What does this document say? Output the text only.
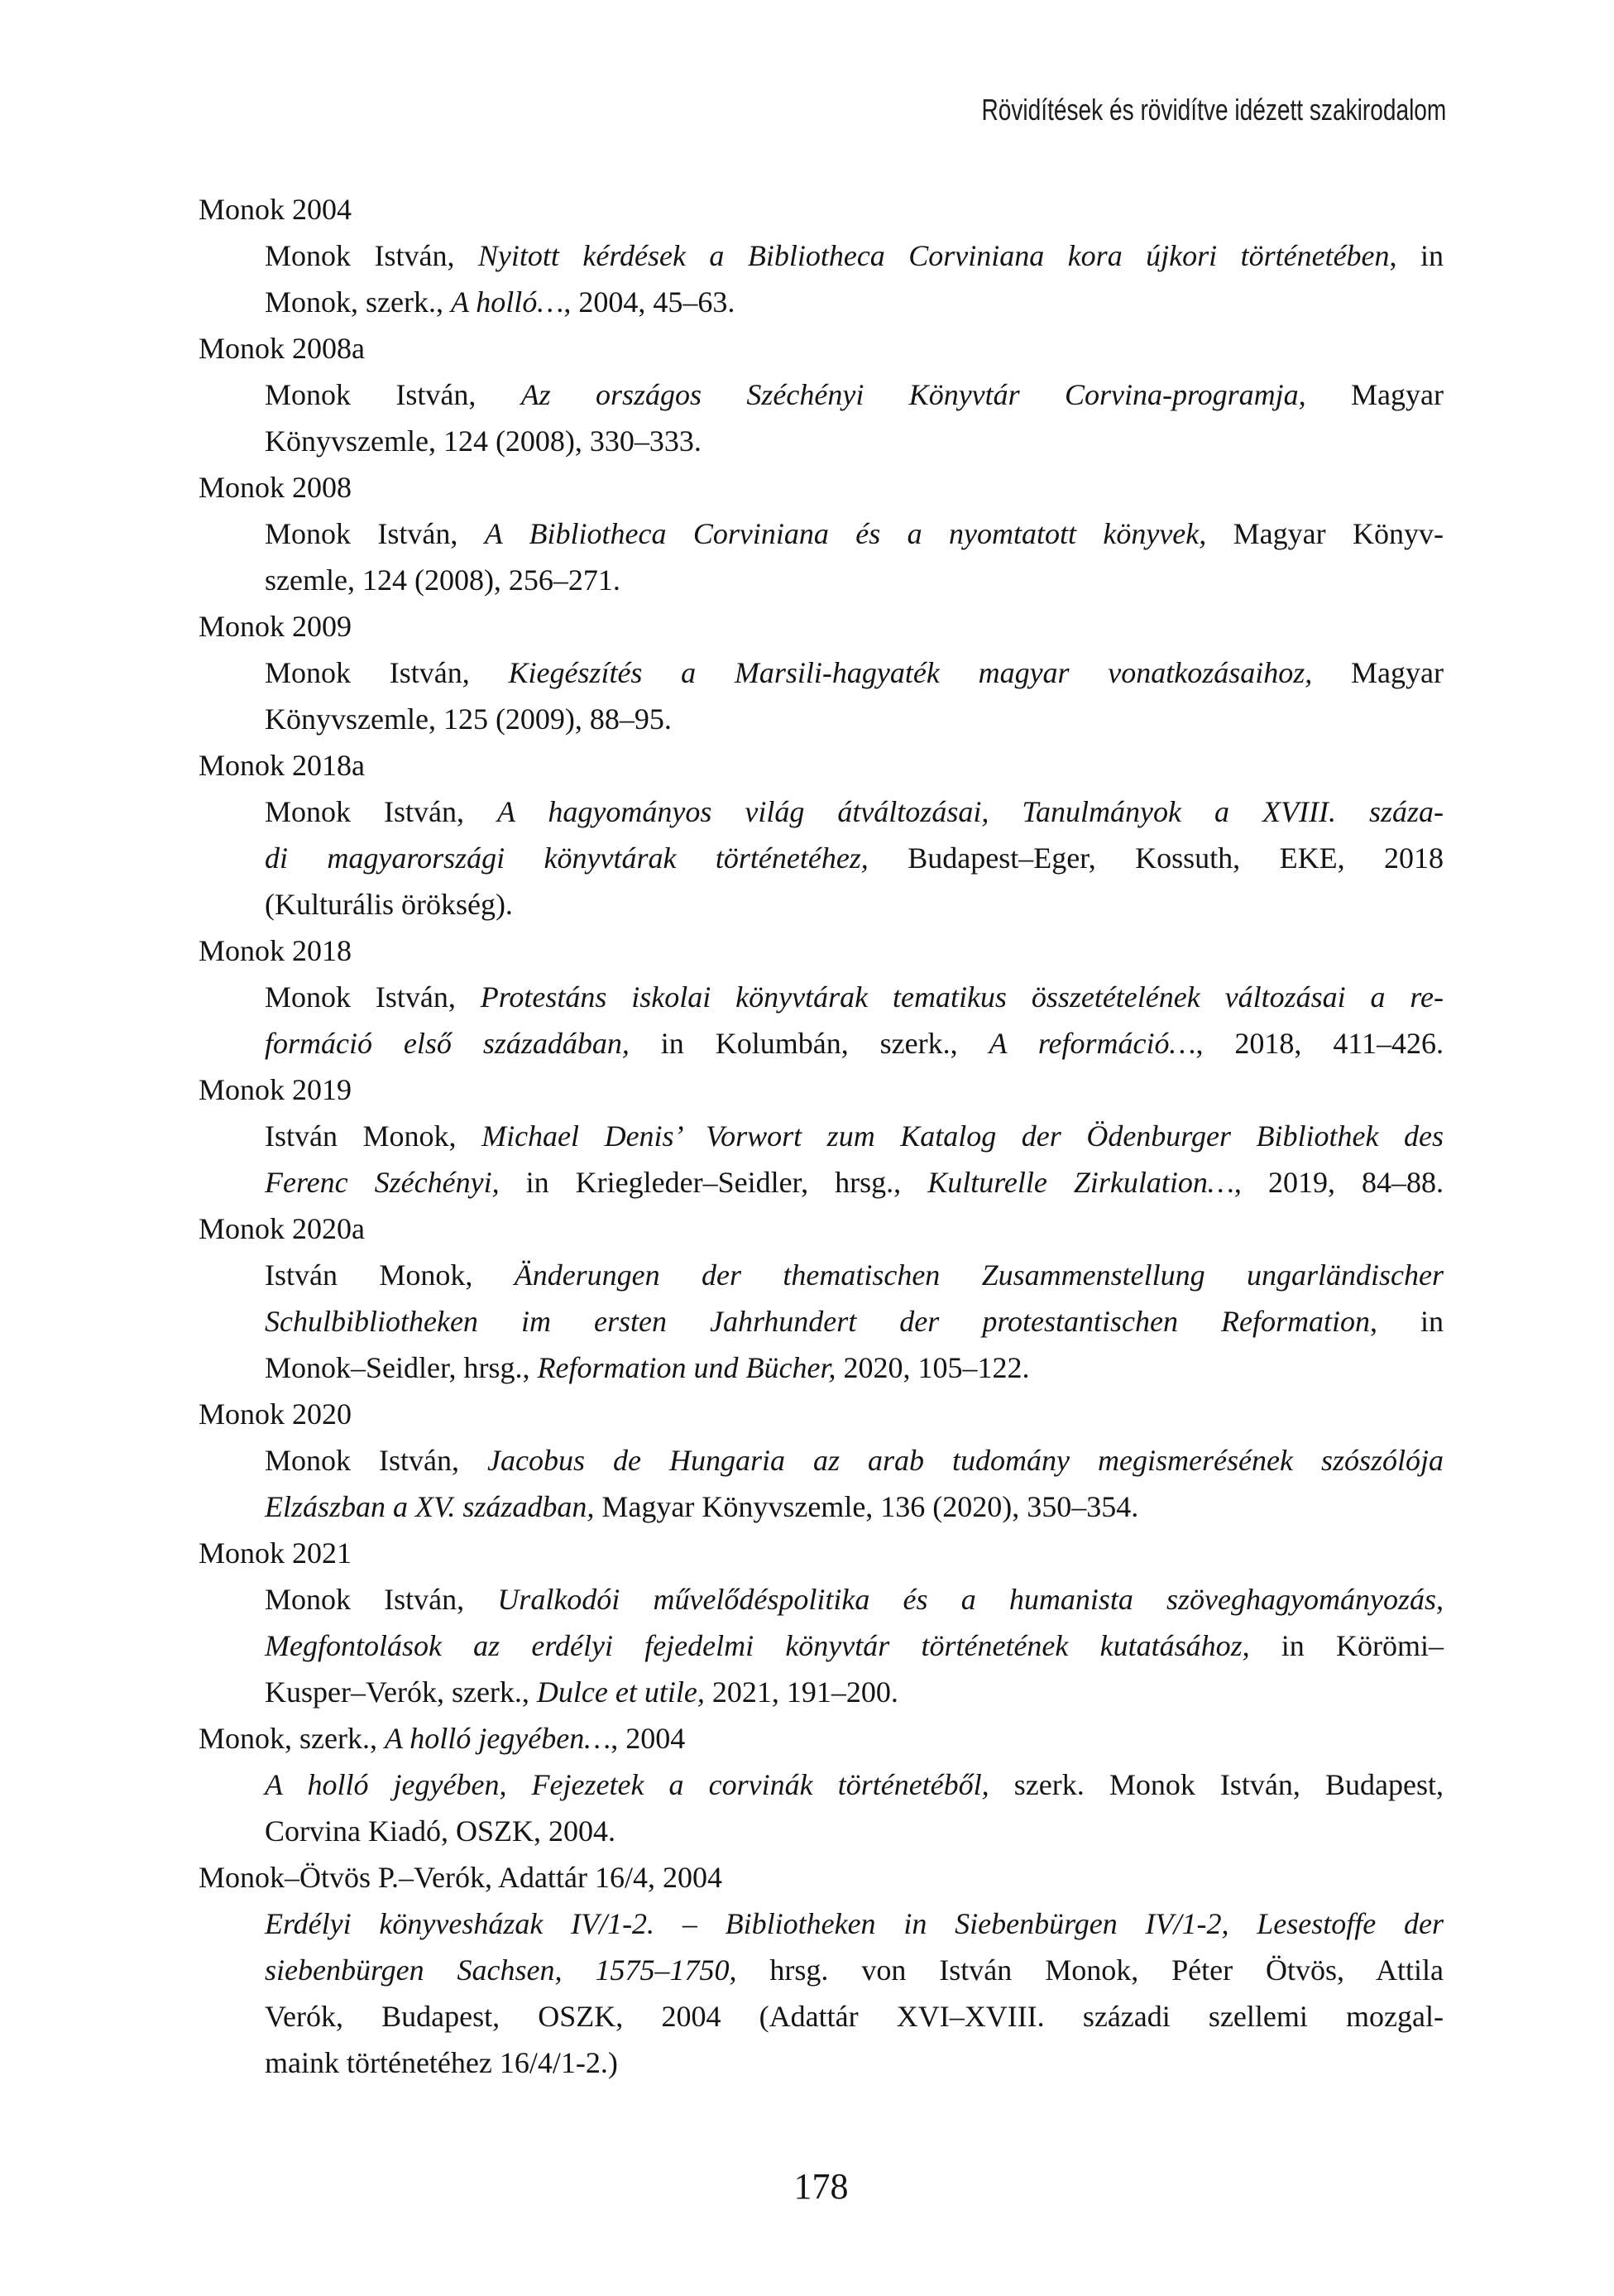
Rövidítések és rövidítve idézett szakirodalom
Monok 2004
Monok István, Nyitott kérdések a Bibliotheca Corviniana kora újkori történetében, in
Monok, szerk., A holló…, 2004, 45–63.
Monok 2008a
Monok István, Az országos Széchényi Könyvtár Corvina-programja, Magyar
Könyvszemle, 124 (2008), 330–333.
Monok 2008
Monok István, A Bibliotheca Corviniana és a nyomtatott könyvek, Magyar Könyv-
szemle, 124 (2008), 256–271.
Monok 2009
Monok István, Kiegészítés a Marsili-hagyaték magyar vonatkozásaihoz, Magyar
Könyvszemle, 125 (2009), 88–95.
Monok 2018a
Monok István, A hagyományos világ átváltozásai, Tanulmányok a XVIII. száza-
di magyarországi könyvtárak történetéhez, Budapest–Eger, Kossuth, EKE, 2018
(Kulturális örökség).
Monok 2018
Monok István, Protestáns iskolai könyvtárak tematikus összetételének változásai a re-
formáció első századában, in Kolumbán, szerk., A reformáció…, 2018, 411–426.
Monok 2019
István Monok, Michael Denis’ Vorwort zum Katalog der Ödenburger Bibliothek des
Ferenc Széchényi, in Kriegleder–Seidler, hrsg., Kulturelle Zirkulation…, 2019, 84–88.
Monok 2020a
István Monok, Änderungen der thematischen Zusammenstellung ungarländischer
Schulbibliotheken im ersten Jahrhundert der protestantischen Reformation, in
Monok–Seidler, hrsg., Reformation und Bücher, 2020, 105–122.
Monok 2020
Monok István, Jacobus de Hungaria az arab tudomány megismerésének szószólója
Elzászban a XV. században, Magyar Könyvszemle, 136 (2020), 350–354.
Monok 2021
Monok István, Uralkodói művelődéspolitika és a humanista szöveghagyományozás,
Megfontolások az erdélyi fejedelmi könyvtár történetének kutatásához, in Körömi–
Kusper–Verók, szerk., Dulce et utile, 2021, 191–200.
Monok, szerk., A holló jegyében…, 2004
A holló jegyében, Fejezetek a corvinák történetéből, szerk. Monok István, Budapest,
Corvina Kiadó, OSZK, 2004.
Monok–Ötvös P.–Verók, Adattár 16/4, 2004
Erdélyi könyvesházak IV/1-2. – Bibliotheken in Siebenbürgen IV/1-2, Lesestoffe der
siebenbürgen Sachsen, 1575–1750, hrsg. von István Monok, Péter Ötvös, Attila
Verók, Budapest, OSZK, 2004 (Adattár XVI–XVIII. századi szellemi mozgal-
maink történetéhez 16/4/1-2.)
178
